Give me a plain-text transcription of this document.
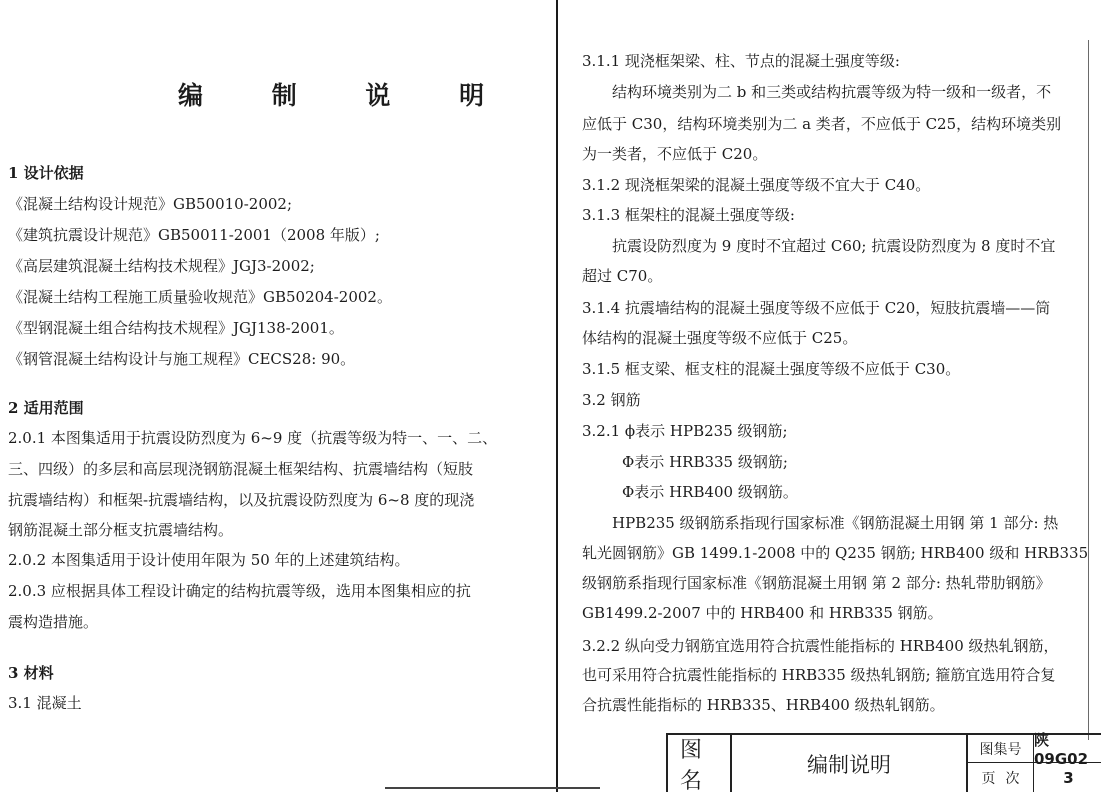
编 制 说 明
1 设计依据
《混凝土结构设计规范》GB50010-2002;
《建筑抗震设计规范》GB50011-2001（2008 年版）;
《高层建筑混凝土结构技术规程》JGJ3-2002;
《混凝土结构工程施工质量验收规范》GB50204-2002。
《型钢混凝土组合结构技术规程》JGJ138-2001。
《钢管混凝土结构设计与施工规程》CECS28: 90。
2 适用范围
2.0.1 本图集适用于抗震设防烈度为 6~9 度（抗震等级为特一、一、二、
三、四级）的多层和高层现浇钢筋混凝土框架结构、抗震墙结构（短肢
抗震墙结构）和框架-抗震墙结构，以及抗震设防烈度为 6~8 度的现浇
钢筋混凝土部分框支抗震墙结构。
2.0.2 本图集适用于设计使用年限为 50 年的上述建筑结构。
2.0.3 应根据具体工程设计确定的结构抗震等级，选用本图集相应的抗
震构造措施。
3 材料
3.1 混凝土
3.1.1 现浇框架梁、柱、节点的混凝土强度等级:
结构环境类别为二 b 和三类或结构抗震等级为特一级和一级者，不
应低于 C30，结构环境类别为二 a 类者，不应低于 C25，结构环境类别
为一类者，不应低于 C20。
3.1.2 现浇框架梁的混凝土强度等级不宜大于 C40。
3.1.3 框架柱的混凝土强度等级:
抗震设防烈度为 9 度时不宜超过 C60; 抗震设防烈度为 8 度时不宜
超过 C70。
3.1.4 抗震墙结构的混凝土强度等级不应低于 C20，短肢抗震墙——筒
体结构的混凝土强度等级不应低于 C25。
3.1.5 框支梁、框支柱的混凝土强度等级不应低于 C30。
3.2 钢筋
3.2.1 ϕ表示 HPB235 级钢筋;
Φ表示 HRB335 级钢筋;
Φ表示 HRB400 级钢筋。
HPB235 级钢筋系指现行国家标准《钢筋混凝土用钢 第 1 部分: 热
轧光圆钢筋》GB 1499.1-2008 中的 Q235 钢筋; HRB400 级和 HRB335
级钢筋系指现行国家标准《钢筋混凝土用钢 第 2 部分: 热轧带肋钢筋》
GB1499.2-2007 中的 HRB400 和 HRB335 钢筋。
3.2.2 纵向受力钢筋宜选用符合抗震性能指标的 HRB400 级热轧钢筋，
也可采用符合抗震性能指标的 HRB335 级热轧钢筋; 箍筋宜选用符合复
合抗震性能指标的 HRB335、HRB400 级热轧钢筋。
图名
编制说明
图集号
陕09G02
页次	3
